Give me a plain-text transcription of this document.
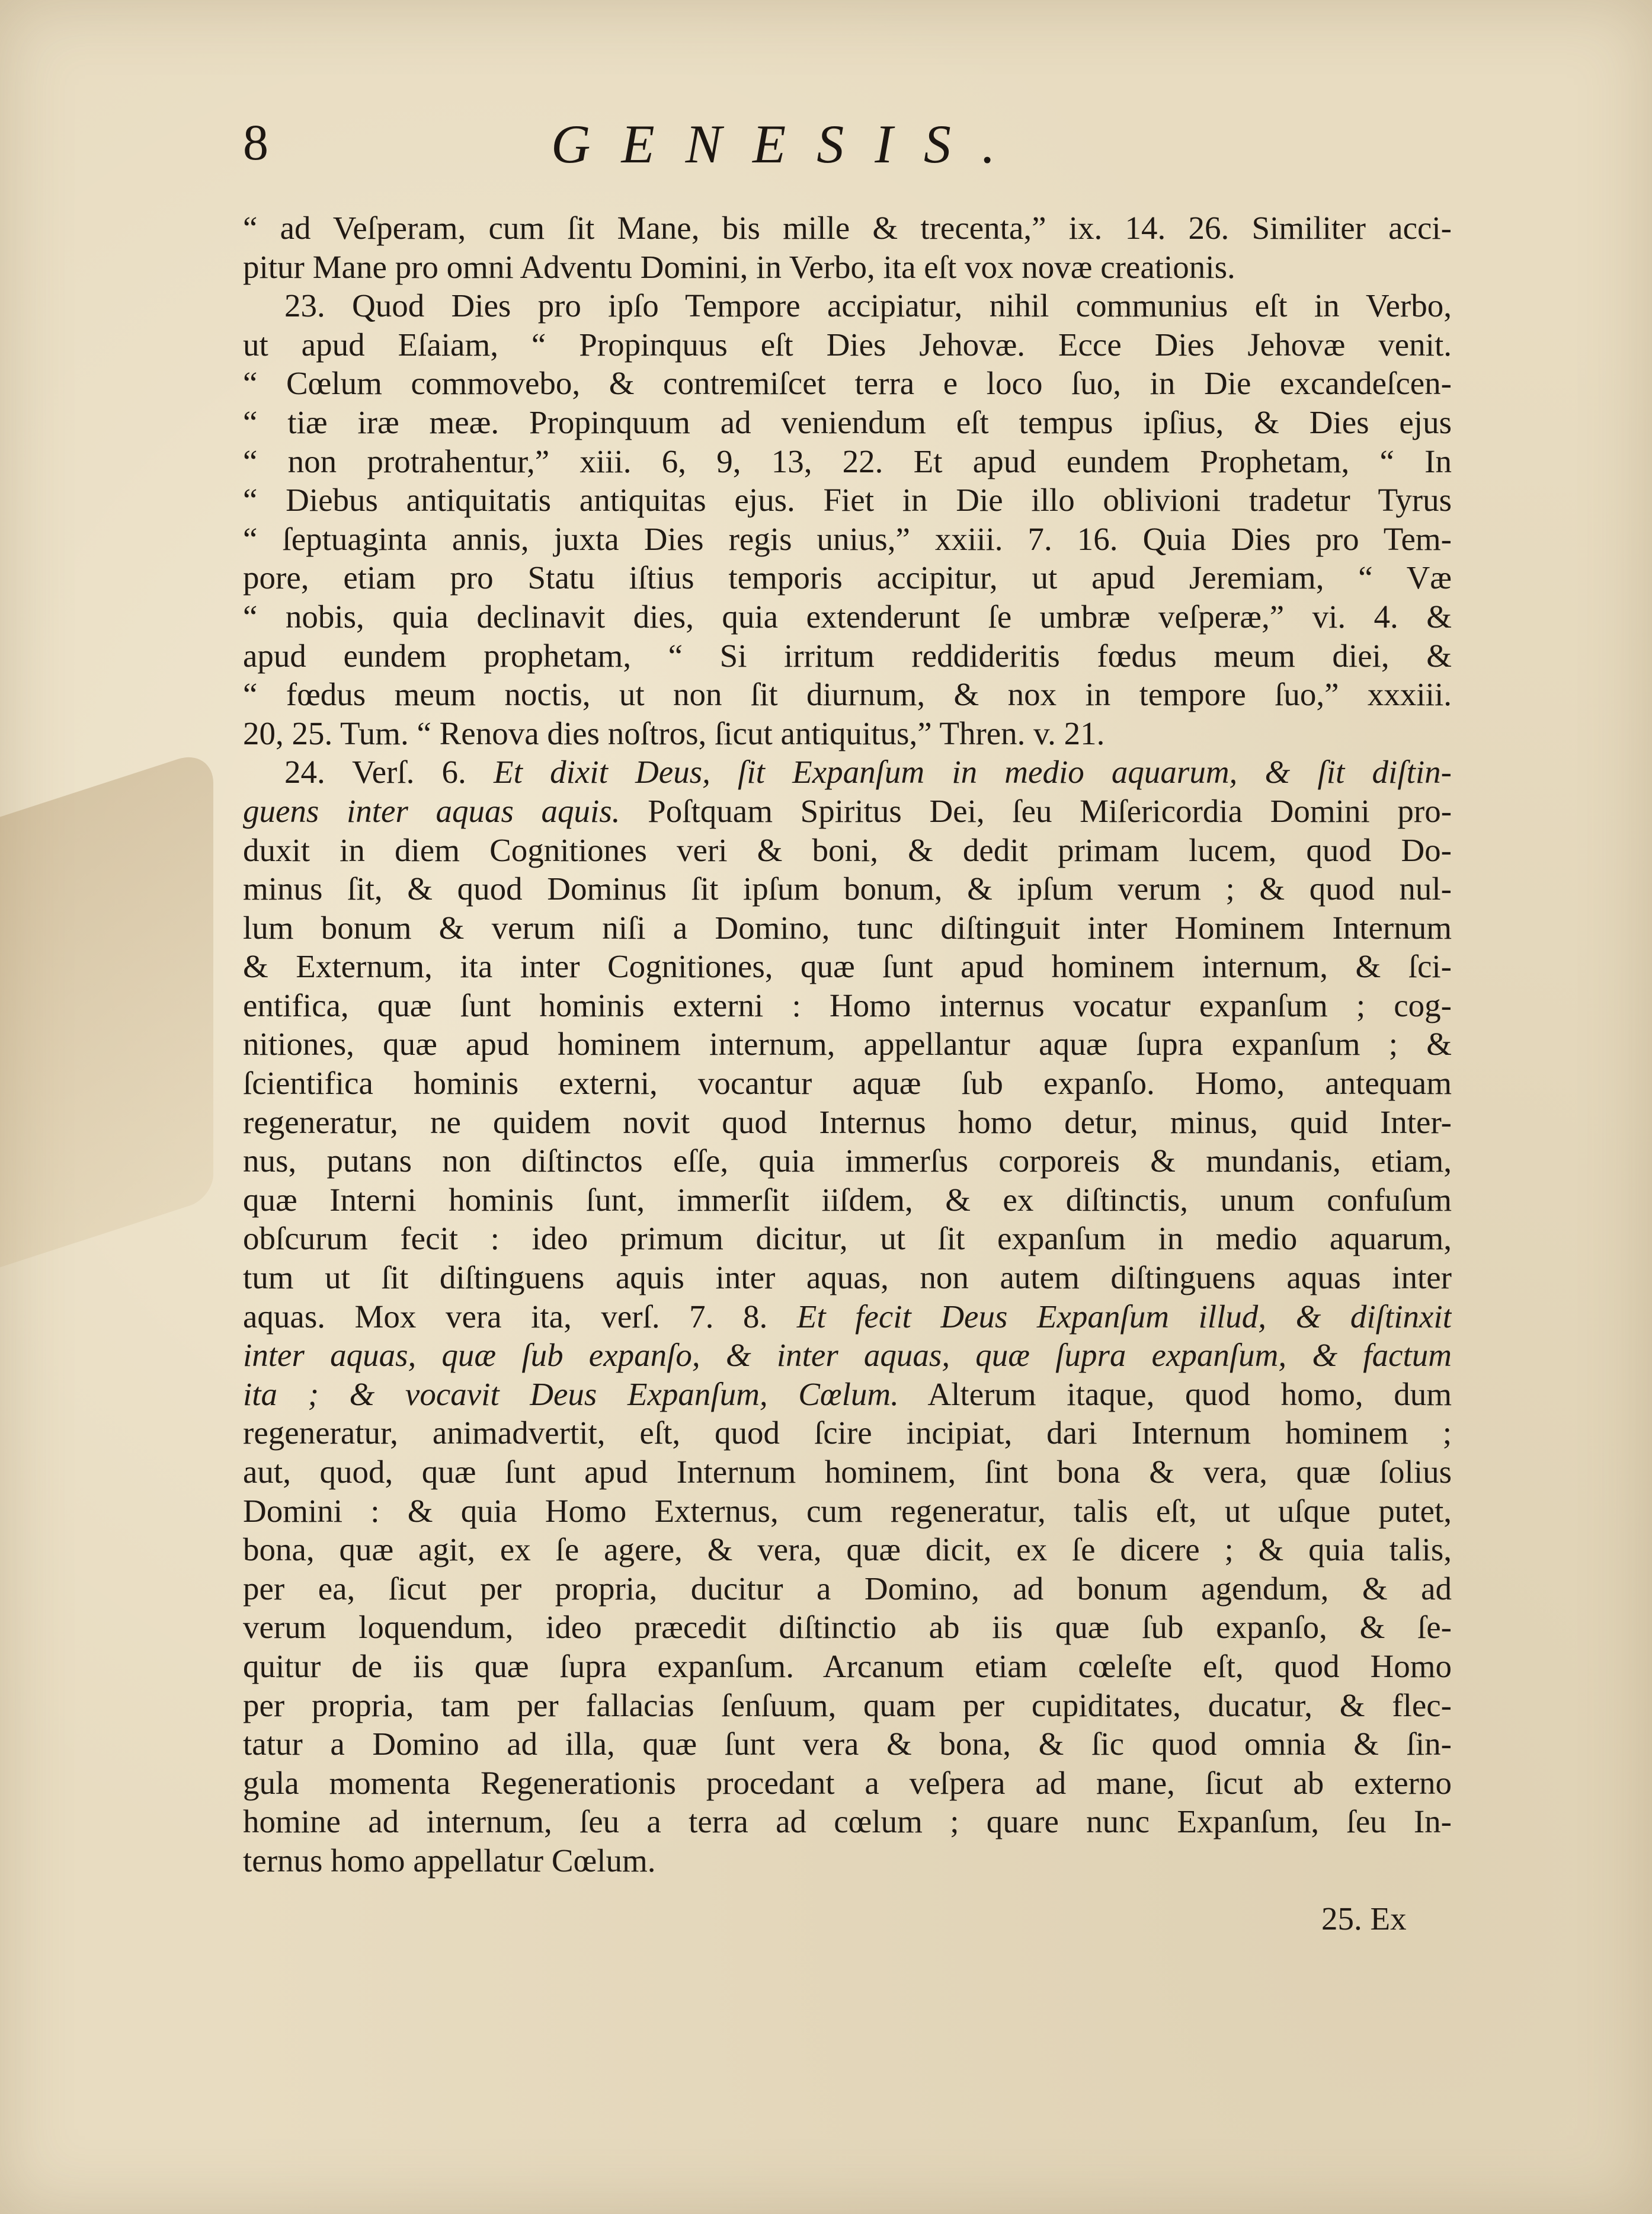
8	GENESIS.
“ ad Veſperam, cum ſit Mane, bis mille & trecenta,” ix. 14. 26. Similiter acci-
pitur Mane pro omni Adventu Domini, in Verbo, ita eſt vox novæ creationis.
23. Quod Dies pro ipſo Tempore accipiatur, nihil communius eſt in Verbo,
ut apud Eſaiam, “ Propinquus eſt Dies Jehovæ. Ecce Dies Jehovæ venit.
“ Cœlum commovebo, & contremiſcet terra e loco ſuo, in Die excandeſcen-
“ tiæ iræ meæ. Propinquum ad veniendum eſt tempus ipſius, & Dies ejus
“ non protrahentur,” xiii. 6, 9, 13, 22. Et apud eundem Prophetam, “ In
“ Diebus antiquitatis antiquitas ejus. Fiet in Die illo oblivioni tradetur Tyrus
“ ſeptuaginta annis, juxta Dies regis unius,” xxiii. 7. 16. Quia Dies pro Tem-
pore, etiam pro Statu iſtius temporis accipitur, ut apud Jeremiam, “ Væ
“ nobis, quia declinavit dies, quia extenderunt ſe umbræ veſperæ,” vi. 4. &
apud eundem prophetam, “ Si irritum reddideritis fœdus meum diei, &
“ fœdus meum noctis, ut non ſit diurnum, & nox in tempore ſuo,” xxxiii.
20, 25. Tum. “ Renova dies noſtros, ſicut antiquitus,” Thren. v. 21.
24. Verſ. 6. Et dixit Deus, ſit Expanſum in medio aquarum, & ſit diſtin-
guens inter aquas aquis. Poſtquam Spiritus Dei, ſeu Miſericordia Domini pro-
duxit in diem Cognitiones veri & boni, & dedit primam lucem, quod Do-
minus ſit, & quod Dominus ſit ipſum bonum, & ipſum verum ; & quod nul-
lum bonum & verum niſi a Domino, tunc diſtinguit inter Hominem Internum
& Externum, ita inter Cognitiones, quæ ſunt apud hominem internum, & ſci-
entifica, quæ ſunt hominis externi : Homo internus vocatur expanſum ; cog-
nitiones, quæ apud hominem internum, appellantur aquæ ſupra expanſum ; &
ſcientifica hominis externi, vocantur aquæ ſub expanſo. Homo, antequam
regeneratur, ne quidem novit quod Internus homo detur, minus, quid Inter-
nus, putans non diſtinctos eſſe, quia immerſus corporeis & mundanis, etiam,
quæ Interni hominis ſunt, immerſit iiſdem, & ex diſtinctis, unum confuſum
obſcurum fecit : ideo primum dicitur, ut ſit expanſum in medio aquarum,
tum ut ſit diſtinguens aquis inter aquas, non autem diſtinguens aquas inter
aquas. Mox vera ita, verſ. 7. 8. Et fecit Deus Expanſum illud, & diſtinxit
inter aquas, quæ ſub expanſo, & inter aquas, quæ ſupra expanſum, & factum
ita ; & vocavit Deus Expanſum, Cœlum. Alterum itaque, quod homo, dum
regeneratur, animadvertit, eſt, quod ſcire incipiat, dari Internum hominem ;
aut, quod, quæ ſunt apud Internum hominem, ſint bona & vera, quæ ſolius
Domini : & quia Homo Externus, cum regeneratur, talis eſt, ut uſque putet,
bona, quæ agit, ex ſe agere, & vera, quæ dicit, ex ſe dicere ; & quia talis,
per ea, ſicut per propria, ducitur a Domino, ad bonum agendum, & ad
verum loquendum, ideo præcedit diſtinctio ab iis quæ ſub expanſo, & ſe-
quitur de iis quæ ſupra expanſum. Arcanum etiam cœleſte eſt, quod Homo
per propria, tam per fallacias ſenſuum, quam per cupiditates, ducatur, & flec-
tatur a Domino ad illa, quæ ſunt vera & bona, & ſic quod omnia & ſin-
gula momenta Regenerationis procedant a veſpera ad mane, ſicut ab externo
homine ad internum, ſeu a terra ad cœlum ; quare nunc Expanſum, ſeu In-
ternus homo appellatur Cœlum.
25. Ex
